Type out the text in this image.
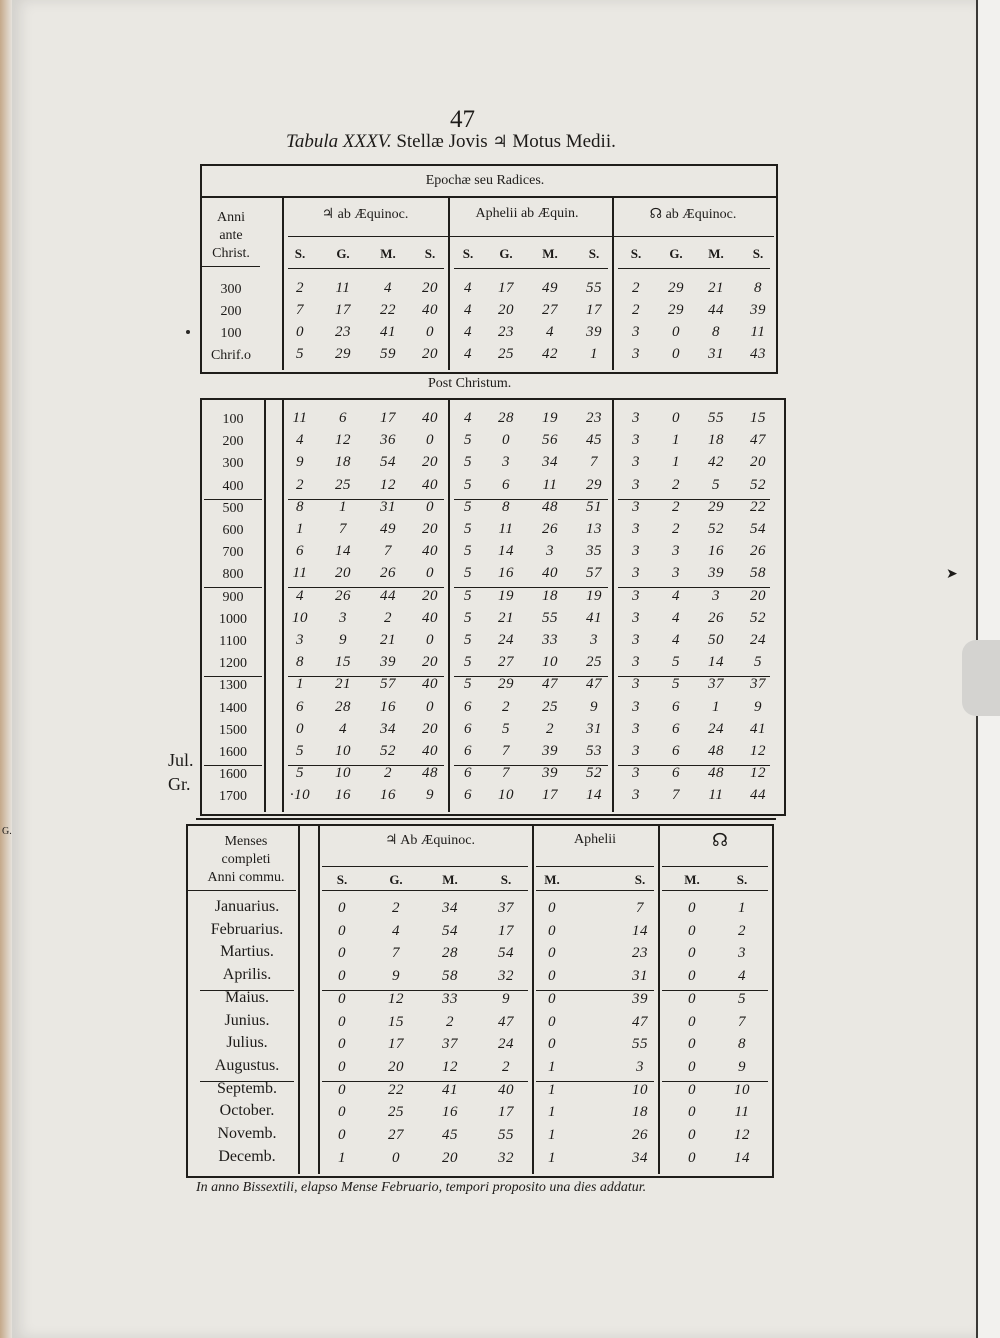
G.
➤
47
Tabula XXXV. Stellæ Jovis ♃ Motus Medii.
Epochæ seu Radices.
Anni
ante
Christ.
♃ ab Æquinoc.	Aphelii ab Æquin.	☊ ab Æquinoc.
S.	G.	M.	S.	S.	G.	M.	S.	S.	G.	M.	S.
300	2	11	4	20	4	17	49	55	2	29	21	8
200	7	17	22	40	4	20	27	17	2	29	44	39
100	0	23	41	0	4	23	4	39	3	0	8	11
Chrif.o	5	29	59	20	4	25	42	1	3	0	31	43
Post Christum.
100	11	6	17	40	4	28	19	23	3	0	55	15
200	4	12	36	0	5	0	56	45	3	1	18	47
300	9	18	54	20	5	3	34	7	3	1	42	20
400	2	25	12	40	5	6	11	29	3	2	5	52
500	8	1	31	0	5	8	48	51	3	2	29	22
600	1	7	49	20	5	11	26	13	3	2	52	54
700	6	14	7	40	5	14	3	35	3	3	16	26
800	11	20	26	0	5	16	40	57	3	3	39	58
900	4	26	44	20	5	19	18	19	3	4	3	20
1000	10	3	2	40	5	21	55	41	3	4	26	52
1100	3	9	21	0	5	24	33	3	3	4	50	24
1200	8	15	39	20	5	27	10	25	3	5	14	5
1300	1	21	57	40	5	29	47	47	3	5	37	37
1400	6	28	16	0	6	2	25	9	3	6	1	9
1500	0	4	34	20	6	5	2	31	3	6	24	41
1600	5	10	52	40	6	7	39	53	3	6	48	12
1600	5	10	2	48	6	7	39	52	3	6	48	12
1700	·10	16	16	9	6	10	17	14	3	7	11	44
Jul.
Gr.
Menses
completi
Anni commu.
♃ Ab Æquinoc.	Aphelii	☊
S.	G.	M.	S.	M.	S.	M.	S.
Januarius.	0	2	34	37	0	7	0	1
Februarius.	0	4	54	17	0	14	0	2
Martius.	0	7	28	54	0	23	0	3
Aprilis.	0	9	58	32	0	31	0	4
Maius.	0	12	33	9	0	39	0	5
Junius.	0	15	2	47	0	47	0	7
Julius.	0	17	37	24	0	55	0	8
Augustus.	0	20	12	2	1	3	0	9
Septemb.	0	22	41	40	1	10	0	10
October.	0	25	16	17	1	18	0	11
Novemb.	0	27	45	55	1	26	0	12
Decemb.	1	0	20	32	1	34	0	14
In anno Bissextili, elapso Mense Februario, tempori proposito una dies addatur.
